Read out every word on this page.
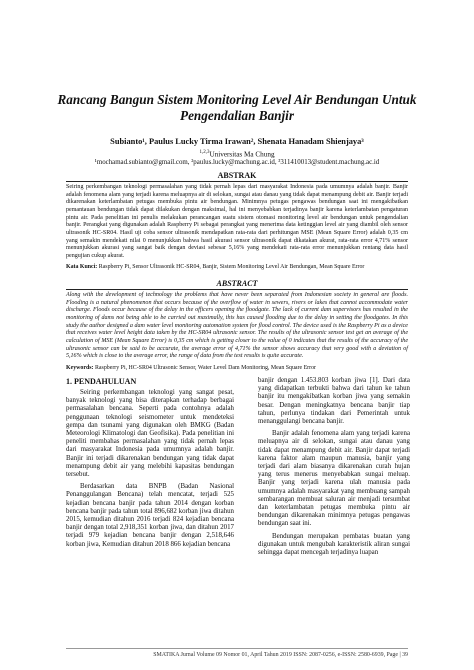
Rancang Bangun Sistem Monitoring Level Air Bendungan Untuk
Pengendalian Banjir
Subianto¹, Paulus Lucky Tirma Irawan², Shenata Hanadam Shienjaya³
$^{1,2,3}$Universitas Ma Chung
¹mochamad.subianto@gmail.com, ²paulus.lucky@machung.ac.id, ³311410013@student.machung.ac.id
ABSTRAK
Seiring perkembangan teknologi permasalahan yang tidak pernah lepas dari masyarakat Indonesia pada umumnya adalah banjir. Banjir adalah fenomena alam yang terjadi karena meluapnya air di selokan, sungai atau danau yang tidak dapat menampung debit air. Banjir terjadi dikarenakan keterlambatan petugas membuka pintu air bendungan. Minimnya petugas pengawas bendungan saat ini mengakibatkan pemantauan bendungan tidak dapat dilakukan dengan maksimal, hal ini menyebabkan terjadinya banjir karena keterlambatan pengaturan pintu air. Pada penelitian ini penulis melakukan perancangan suatu sistem otomasi monitoring level air bendungan untuk pengendalian banjir. Perangkat yang digunakan adalah Raspberry Pi sebagai perangkat yang menerima data ketinggian level air yang diambil oleh sensor ultrasonik HC-SR04. Hasil uji coba sensor ultrasonik mendapatkan rata-rata dari perhitungan MSE (Mean Square Error) adalah 0,35 cm yang semakin mendekati nilai 0 menunjukkan bahwa hasil akurasi sensor ultrasonik dapat dikatakan akurat, rata-rata error 4,71% sensor menunjukkan akurasi yang sangat baik dengan deviasi sebesar 5,16% yang mendekati rata-rata error menunjukkan rentang data hasil pengujian cukup akurat.
Kata Kunci: Raspberry Pi, Sensor Ultrasonik HC-SR04, Banjir, Sistem Monitoring Level Air Bendungan, Mean Square Error
ABSTRACT
Along with the development of technology the problems that have never been separated from Indonesian society in general are floods. Flooding is a natural phenomenon that occurs because of the overflow of water in sewers, rivers or lakes that cannot accommodate water discharge. Floods occur because of the delay in the officers opening the floodgate. The lack of current dam supervisors has resulted in the monitoring of dams not being able to be carried out maximally, this has caused flooding due to the delay in setting the floodgates. In this study the author designed a dam water level monitoring automation system for flood control. The device used is the Raspberry Pi as a device that receives water level height data taken by the HC-SR04 ultrasonic sensor. The results of the ultrasonic sensor test get an average of the calculation of MSE (Mean Square Error) is 0,35 cm which is getting closer to the value of 0 indicates that the results of the accuracy of the ultrasonic sensor can be said to be accurate, the average error of 4,71% the sensor shows accuracy that very good with a deviation of 5,16% which is close to the average error, the range of data from the test results is quite accurate.
Keywords: Raspberry Pi, HC-SR04 Ultrasonic Sensor, Water Level Dam Monitoring, Mean Square Error
1. PENDAHULUAN

Seiring perkembangan teknologi yang sangat pesat, banyak teknologi yang bisa diterapkan terhadap berbagai permasalahan bencana. Seperti pada contohnya adalah penggunaan teknologi seismometer untuk mendeteksi gempa dan tsunami yang digunakan oleh BMKG (Badan Meteorologi Klimatologi dan Geofisika). Pada penelitian ini peneliti membahas permasalahan yang tidak pernah lepas dari masyarakat Indonesia pada umumnya adalah banjir. Banjir ini terjadi dikarenakan bendungan yang tidak dapat menampung debit air yang melebihi kapasitas bendungan tersebut.

Berdasarkan data BNPB (Badan Nasional Penanggulangan Bencana) telah mencatat, terjadi 525 kejadian bencana banjir pada tahun 2014 dengan korban bencana banjir pada tahun total 896,682 korban jiwa ditahun 2015, kemudian ditahun 2016 terjadi 824 kejadian bencana banjir dengan total 2,918,351 korban jiwa, dan ditahun 2017 terjadi 979 kejadian bencana banjir dengan 2,518,646 korban jiwa, Kemudian ditahun 2018 866 kejadian bencana

banjir dengan 1.453.803 korban jiwa [1]. Dari data yang didapatkan terbukti bahwa dari tahun ke tahun banjir itu mengakibatkan korban jiwa yang semakin besar. Dengan meningkatnya bencana banjir tiap tahun, perlunya tindakan dari Pemerintah untuk menanggulangi bencana banjir.

Banjir adalah fenomena alam yang terjadi karena meluapnya air di selokan, sungai atau danau yang tidak dapat menampung debit air. Banjir dapat terjadi karena faktor alam maupun manusia, banjir yang terjadi dari alam biasanya dikarenakan curah hujan yang terus menerus menyebabkan sungai meluap. Banjir yang terjadi karena ulah manusia pada umumnya adalah masyarakat yang membuang sampah sembarangan membuat saluran air menjadi tersumbat dan keterlambatan petugas membuka pintu air bendungan dikarenakan minimnya petugas pengawas bendungan saat ini.

Bendungan merupakan pembatas buatan yang digunakan untuk mengubah karakteristik aliran sungai sehingga dapat mencegah terjadinya luapan

SMATIKA Jurnal Volume 09 Nomor 01, April Tahun 2019 ISSN: 2087-0256, e-ISSN: 2580-6939, Page | 39
